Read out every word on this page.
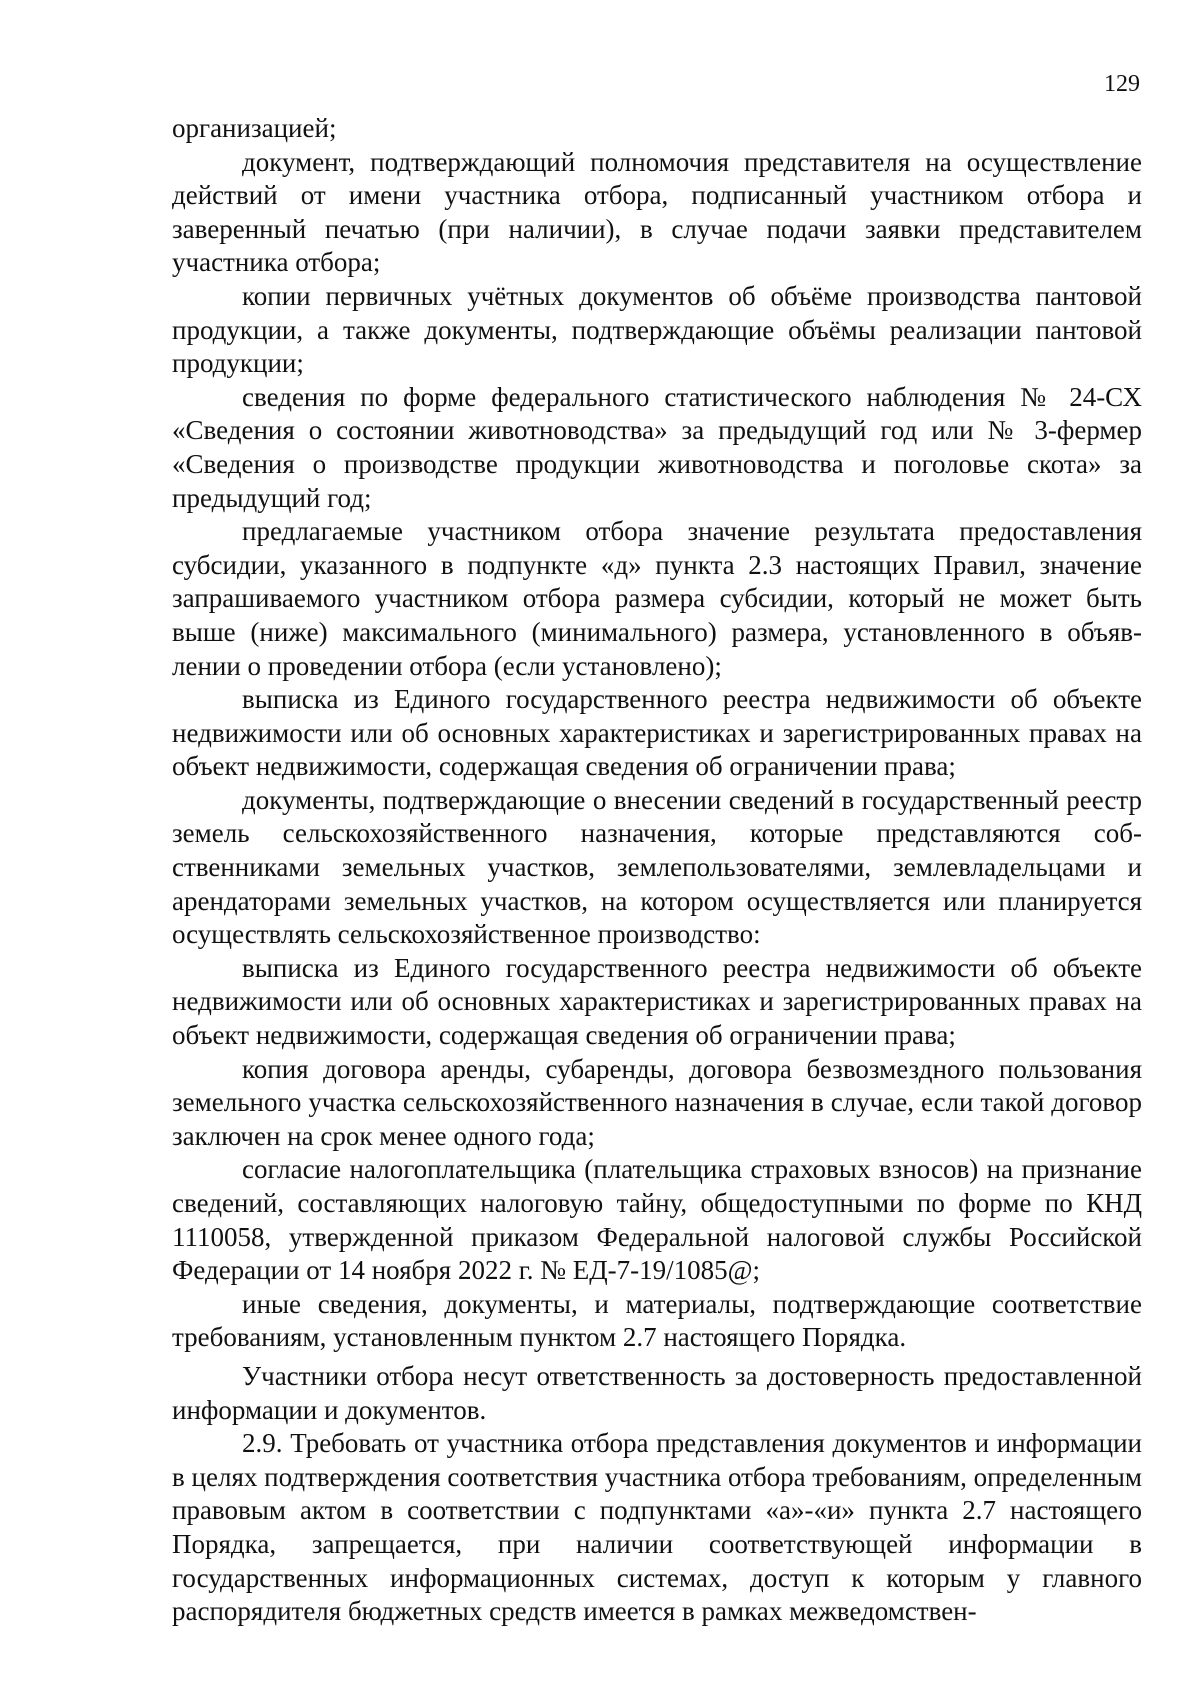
129

организацией;

документ, подтверждающий полномочия представителя на осуществление действий от имени участника отбора, подписанный участником отбора и заверенный печатью (при наличии), в случае подачи заявки представителем участника отбора;

копии первичных учётных документов об объёме производства пантовой продукции, а также документы, подтверждающие объёмы реализации пантовой продукции;

сведения по форме федерального статистического наблюдения № 24-СХ «Сведения о состоянии животноводства» за предыдущий год или № 3-фермер «Сведения о производстве продукции животноводства и поголовье скота» за предыдущий год;

предлагаемые участником отбора значение результата предоставления субсидии, указанного в подпункте «д» пункта 2.3 настоящих Правил, значение запрашиваемого участником отбора размера субсидии, который не может быть выше (ниже) максимального (минимального) размера, установленного в объявлении о проведении отбора (если установлено);

выписка из Единого государственного реестра недвижимости об объекте недвижимости или об основных характеристиках и зарегистрированных правах на объект недвижимости, содержащая сведения об ограничении права;

документы, подтверждающие о внесении сведений в государственный реестр земель сельскохозяйственного назначения, которые представляются собственниками земельных участков, землепользователями, землевладельцами и арендаторами земельных участков, на котором осуществляется или планируется осуществлять сельскохозяйственное производство:

выписка из Единого государственного реестра недвижимости об объекте недвижимости или об основных характеристиках и зарегистрированных правах на объект недвижимости, содержащая сведения об ограничении права;

копия договора аренды, субаренды, договора безвозмездного пользования земельного участка сельскохозяйственного назначения в случае, если такой договор заключен на срок менее одного года;

согласие налогоплательщика (плательщика страховых взносов) на признание сведений, составляющих налоговую тайну, общедоступными по форме по КНД 1110058, утвержденной приказом Федеральной налоговой службы Российской Федерации от 14 ноября 2022 г. № ЕД-7-19/1085@;

иные сведения, документы, и материалы, подтверждающие соответствие требованиям, установленным пунктом 2.7 настоящего Порядка.

Участники отбора несут ответственность за достоверность предоставленной информации и документов.

2.9. Требовать от участника отбора представления документов и информации в целях подтверждения соответствия участника отбора требованиям, определенным правовым актом в соответствии с подпунктами «а»-«и» пункта 2.7 настоящего Порядка, запрещается, при наличии соответствующей информации в государственных информационных системах, доступ к которым у главного распорядителя бюджетных средств имеется в рамках межведомствен-
